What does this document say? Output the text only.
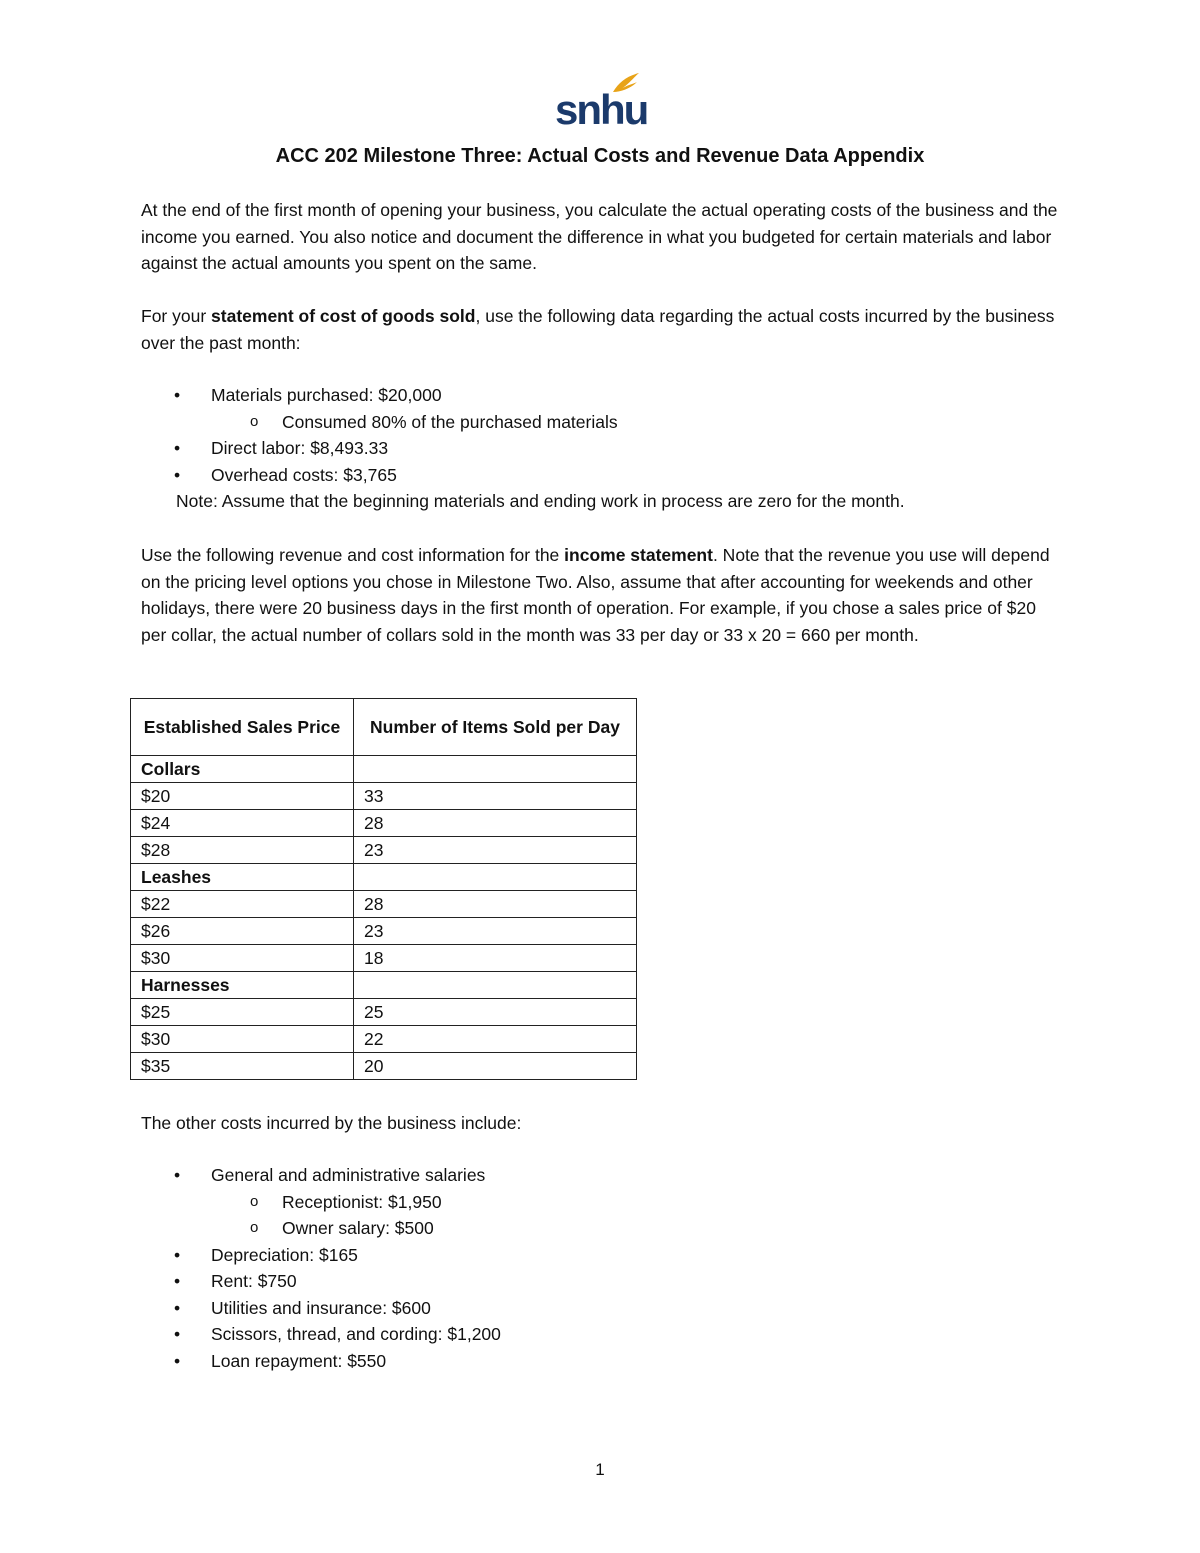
snhu
ACC 202 Milestone Three: Actual Costs and Revenue Data Appendix

At the end of the first month of opening your business, you calculate the actual operating costs of the business and the income you earned. You also notice and document the difference in what you budgeted for certain materials and labor against the actual amounts you spent on the same.

For your statement of cost of goods sold, use the following data regarding the actual costs incurred by the business over the past month:

• Materials purchased: $20,000
o Consumed 80% of the purchased materials
• Direct labor: $8,493.33
• Overhead costs: $3,765

Note: Assume that the beginning materials and ending work in process are zero for the month.

Use the following revenue and cost information for the income statement. Note that the revenue you use will depend on the pricing level options you chose in Milestone Two. Also, assume that after accounting for weekends and other holidays, there were 20 business days in the first month of operation. For example, if you chose a sales price of $20 per collar, the actual number of collars sold in the month was 33 per day or 33 x 20 = 660 per month.

Established Sales Price	Number of Items Sold per Day
Collars	
$20	33
$24	28
$28	23
Leashes	
$22	28
$26	23
$30	18
Harnesses	
$25	25
$30	22
$35	20

The other costs incurred by the business include:

• General and administrative salaries
o Receptionist: $1,950
o Owner salary: $500
• Depreciation: $165
• Rent: $750
• Utilities and insurance: $600
• Scissors, thread, and cording: $1,200
• Loan repayment: $550
1
